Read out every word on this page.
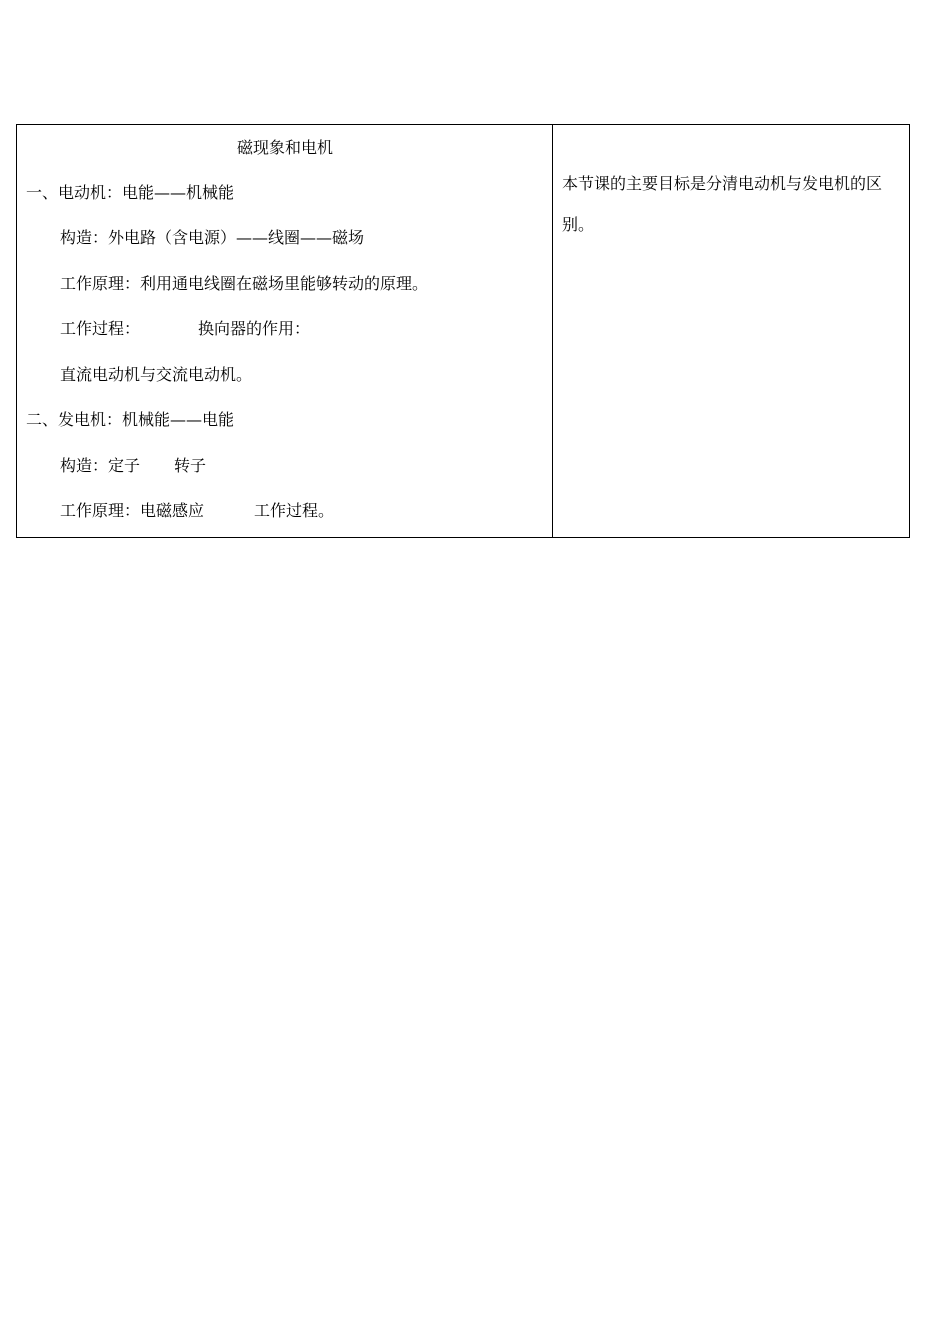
磁现象和电机
一、电动机：电能——机械能
构造：外电路（含电源）——线圈——磁场
工作原理：利用通电线圈在磁场里能够转动的原理。
工作过程：	换向器的作用：
直流电动机与交流电动机。
二、发电机：机械能——电能
构造：定子 转子
工作原理：电磁感应	工作过程。
本节课的主要目标是分清电动机与发电机的区别。
